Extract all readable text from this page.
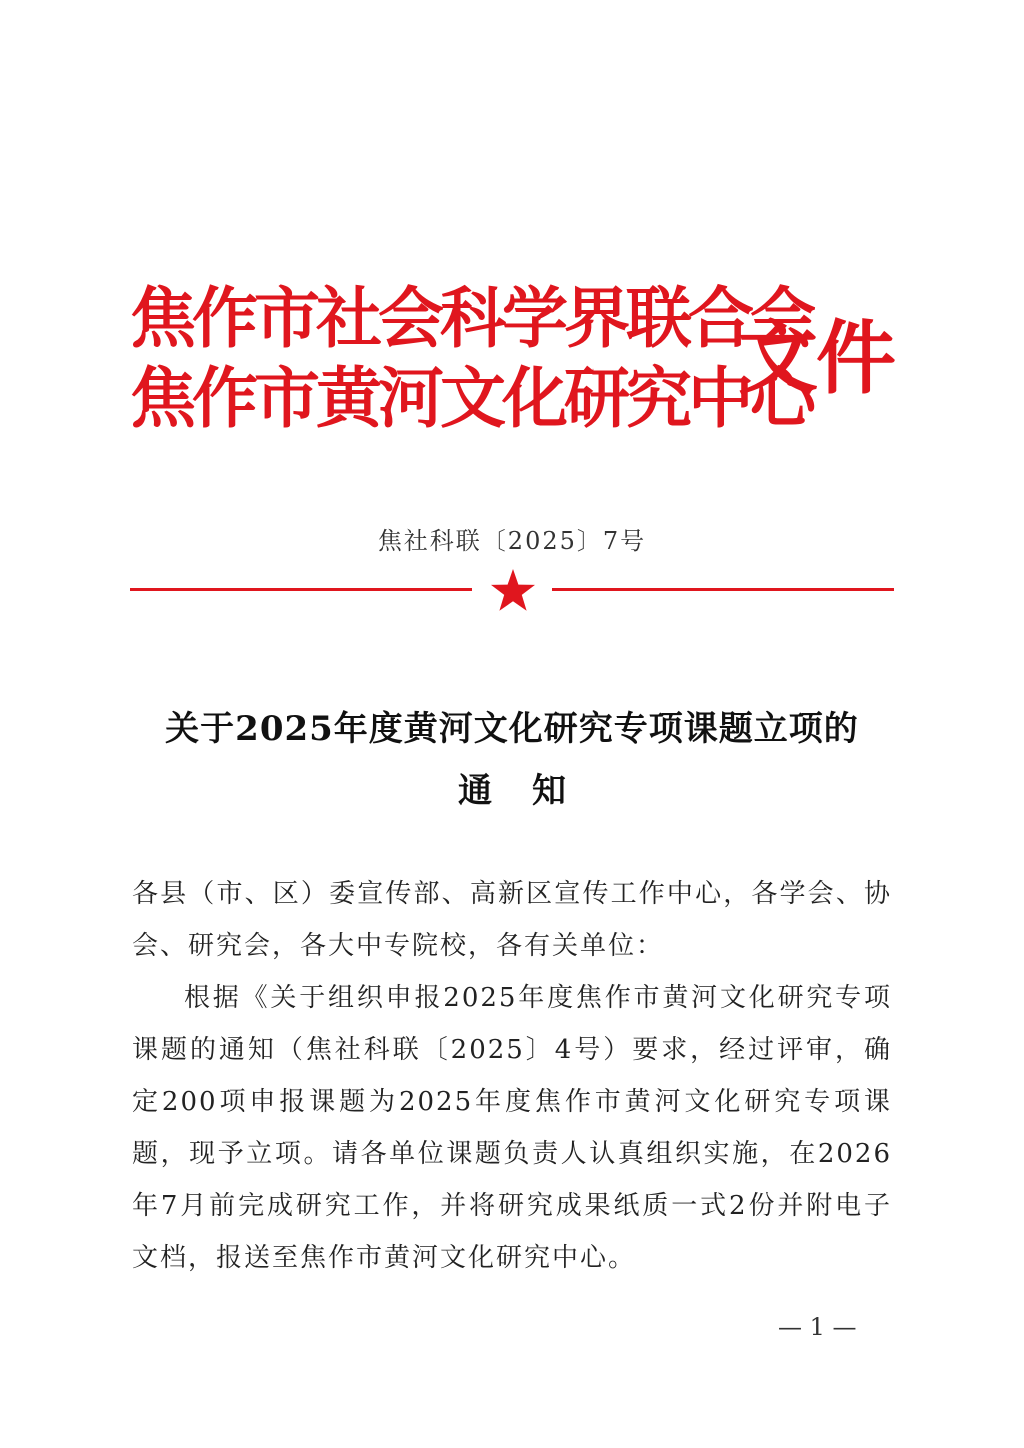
焦作市社会科学界联合会
焦作市黄河文化研究中心
文件
焦社科联〔2025〕7号
关于2025年度黄河文化研究专项课题立项的
通知

各县（市、区）委宣传部、高新区宣传工作中心，各学会、协会、研究会，各大中专院校，各有关单位：

根据《关于组织申报2025年度焦作市黄河文化研究专项课题的通知（焦社科联〔2025〕4号）要求，经过评审，确定200项申报课题为2025年度焦作市黄河文化研究专项课题，现予立项。请各单位课题负责人认真组织实施，在2026年7月前完成研究工作，并将研究成果纸质一式2份并附电子文档，报送至焦作市黄河文化研究中心。

— 1 —
